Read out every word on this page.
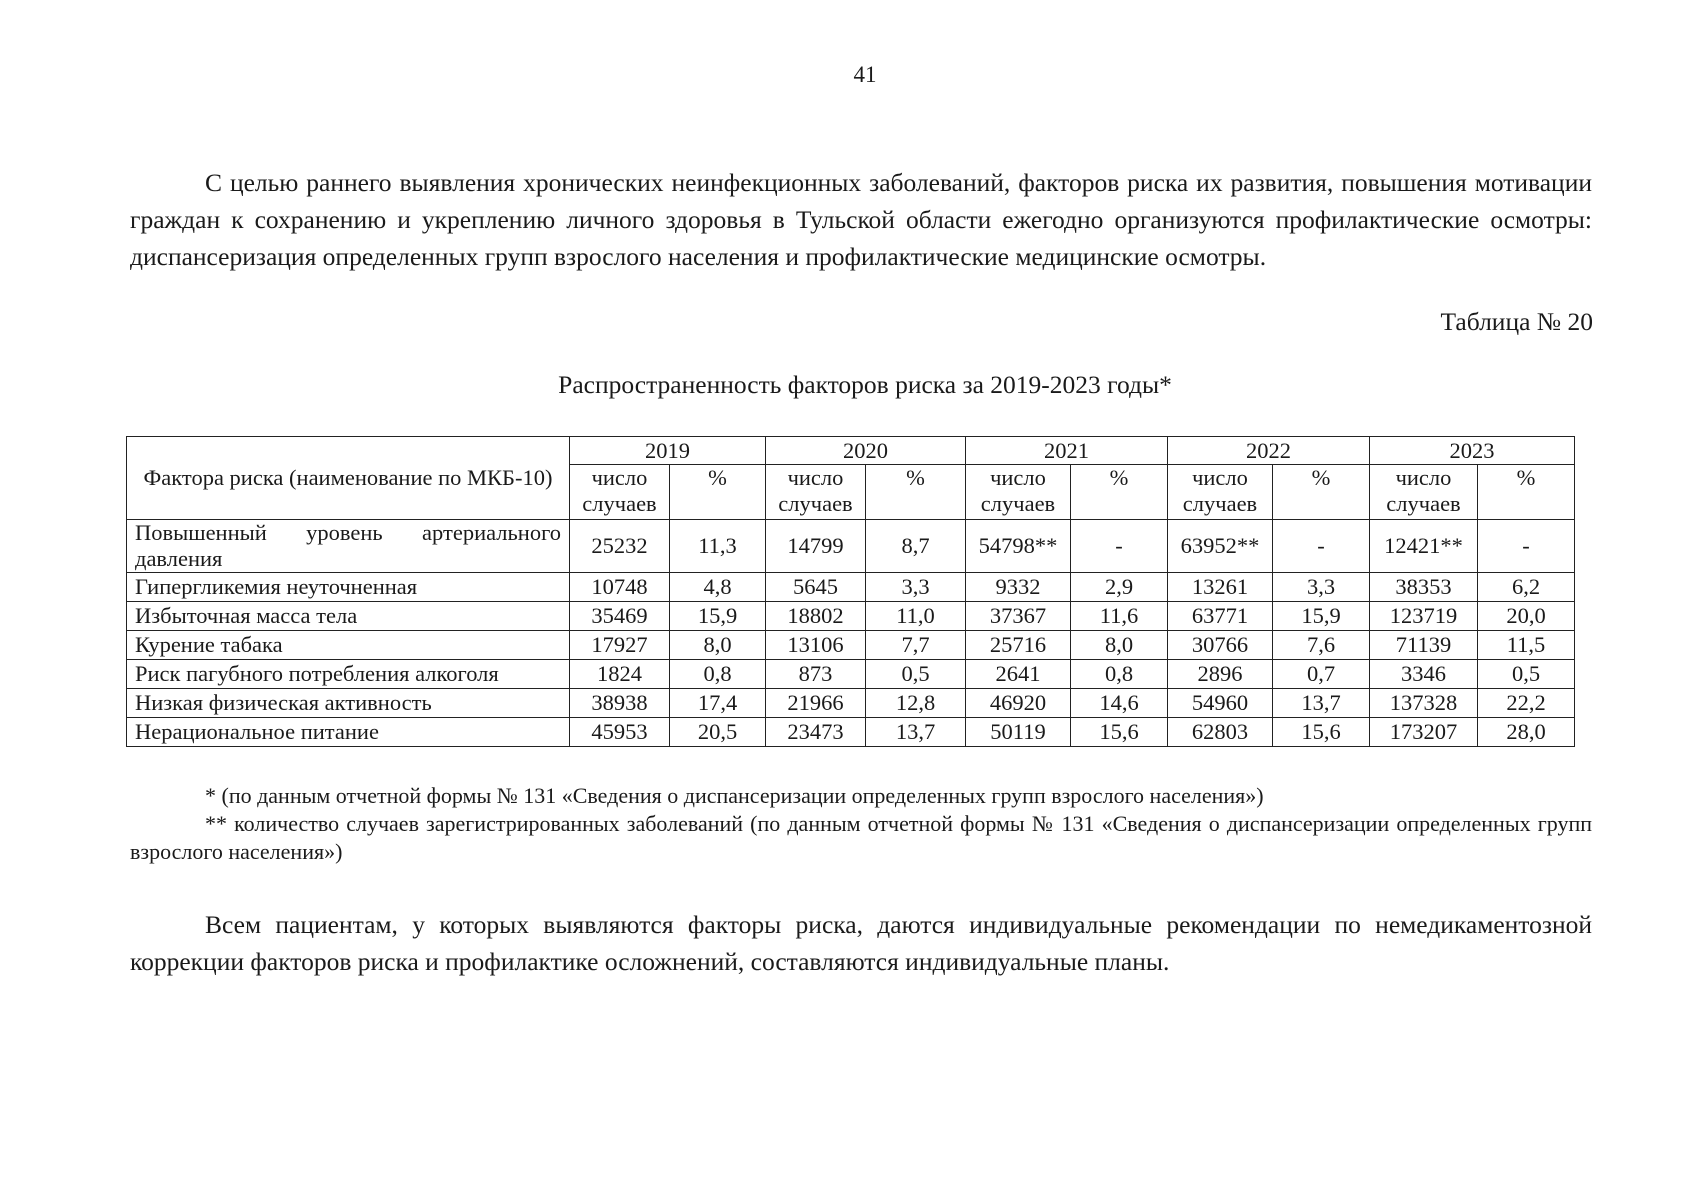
41

С целью раннего выявления хронических неинфекционных заболеваний, факторов риска их развития, повышения мотивации граждан к сохранению и укреплению личного здоровья в Тульской области ежегодно организуются профилактические осмотры: диспансеризация определенных групп взрослого населения и профилактические медицинские осмотры.

Таблица № 20
Распространенность факторов риска за 2019-2023 годы*
Фактора риска (наименование по МКБ-10)	2019		2020		2021		2022		2023	
	число случаев	%	число случаев	%	число случаев	%	число случаев	%	число случаев	%
Повышенный уровень артериального давления	25232	11,3	14799	8,7	54798**	-	63952**	-	12421**	-
Гипергликемия неуточненная	10748	4,8	5645	3,3	9332	2,9	13261	3,3	38353	6,2
Избыточная масса тела	35469	15,9	18802	11,0	37367	11,6	63771	15,9	123719	20,0
Курение табака	17927	8,0	13106	7,7	25716	8,0	30766	7,6	71139	11,5
Риск пагубного потребления алкоголя	1824	0,8	873	0,5	2641	0,8	2896	0,7	3346	0,5
Низкая физическая активность	38938	17,4	21966	12,8	46920	14,6	54960	13,7	137328	22,2
Нерациональное питание	45953	20,5	23473	13,7	50119	15,6	62803	15,6	173207	28,0

* (по данным отчетной формы № 131 «Сведения о диспансеризации определенных групп взрослого населения»)

** количество случаев зарегистрированных заболеваний (по данным отчетной формы № 131 «Сведения о диспансеризации определенных групп взрослого населения»)

Всем пациентам, у которых выявляются факторы риска, даются индивидуальные рекомендации по немедикаментозной коррекции факторов риска и профилактике осложнений, составляются индивидуальные планы.
